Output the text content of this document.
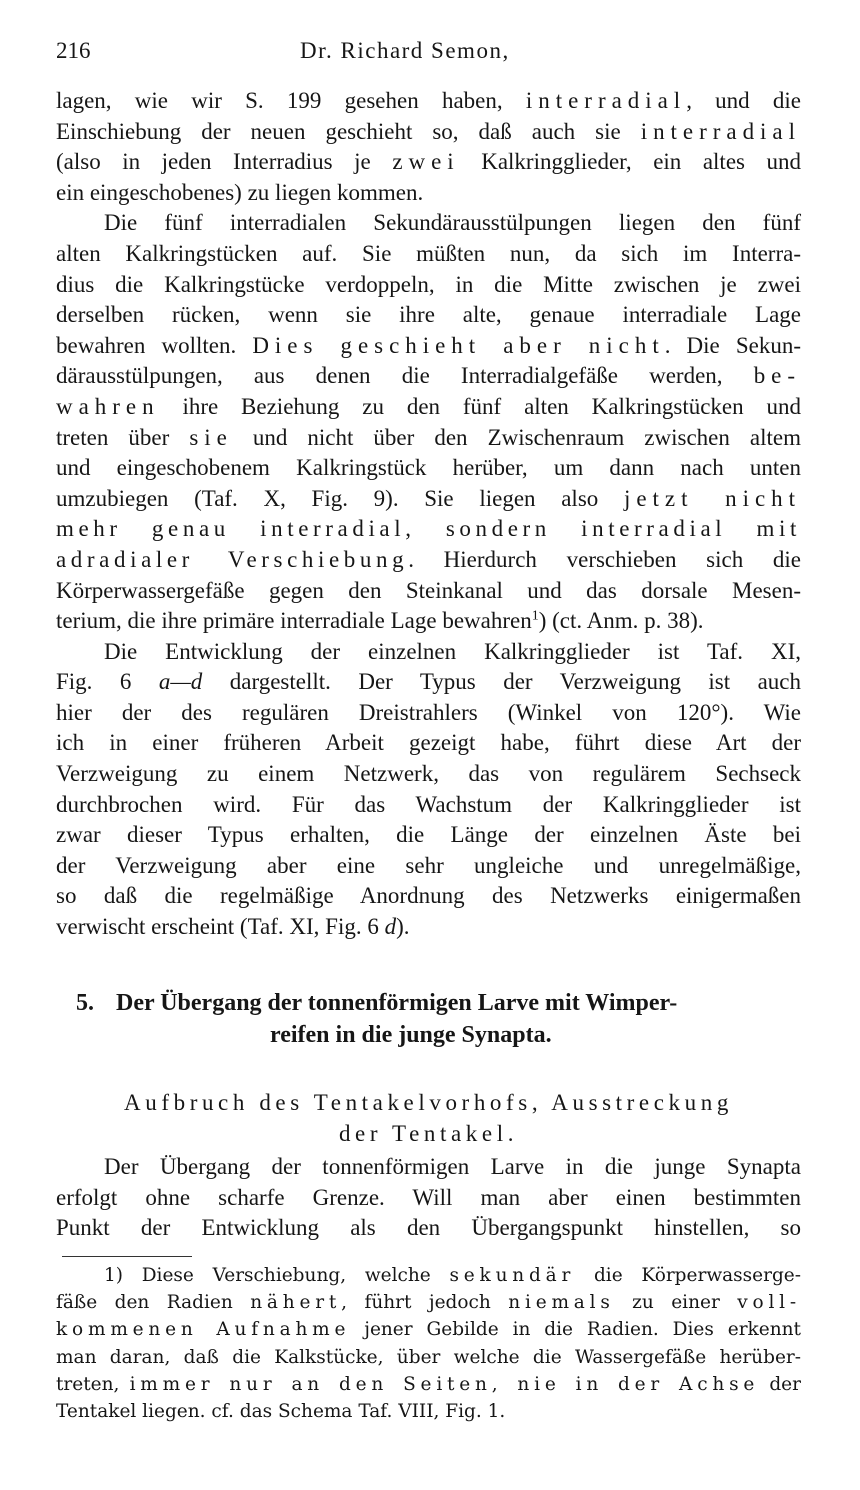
216	Dr. Richard Semon,
lagen, wie wir S. 199 gesehen haben, interradial, und die
Einschiebung der neuen geschieht so, daß auch sie interradial
(also in jeden Interradius je zwei Kalkringglieder, ein altes und
ein eingeschobenes) zu liegen kommen.
Die fünf interradialen Sekundärausstülpungen liegen den fünf
alten Kalkringstücken auf. Sie müßten nun, da sich im Interra-
dius die Kalkringstücke verdoppeln, in die Mitte zwischen je zwei
derselben rücken, wenn sie ihre alte, genaue interradiale Lage
bewahren wollten. Dies geschieht aber nicht. Die Sekun-
därausstülpungen, aus denen die Interradialgefäße werden, be-
wahren ihre Beziehung zu den fünf alten Kalkringstücken und
treten über sie und nicht über den Zwischenraum zwischen altem
und eingeschobenem Kalkringstück herüber, um dann nach unten
umzubiegen (Taf. X, Fig. 9). Sie liegen also jetzt nicht
mehr genau interradial, sondern interradial mit
adradialer Verschiebung. Hierdurch verschieben sich die
Körperwassergefäße gegen den Steinkanal und das dorsale Mesen-
terium, die ihre primäre interradiale Lage bewahren$^1$) (ct. Anm. p. 38).
Die Entwicklung der einzelnen Kalkringglieder ist Taf. XI,
Fig. 6 a—d dargestellt. Der Typus der Verzweigung ist auch
hier der des regulären Dreistrahlers (Winkel von 120°). Wie
ich in einer früheren Arbeit gezeigt habe, führt diese Art der
Verzweigung zu einem Netzwerk, das von regulärem Sechseck
durchbrochen wird. Für das Wachstum der Kalkringglieder ist
zwar dieser Typus erhalten, die Länge der einzelnen Äste bei
der Verzweigung aber eine sehr ungleiche und unregelmäßige,
so daß die regelmäßige Anordnung des Netzwerks einigermaßen
verwischt erscheint (Taf. XI, Fig. 6 d).
5. Der Übergang der tonnenförmigen Larve mit Wimper-
reifen in die junge Synapta.
Aufbruch des Tentakelvorhofs, Ausstreckung
der Tentakel.
Der Übergang der tonnenförmigen Larve in die junge Synapta
erfolgt ohne scharfe Grenze. Will man aber einen bestimmten
Punkt der Entwicklung als den Übergangspunkt hinstellen, so
1) Diese Verschiebung, welche sekundär die Körperwasserge-
fäße den Radien nähert, führt jedoch niemals zu einer voll-
kommenen Aufnahme jener Gebilde in die Radien. Dies erkennt
man daran, daß die Kalkstücke, über welche die Wassergefäße herüber-
treten, immer nur an den Seiten, nie in der Achse der
Tentakel liegen. cf. das Schema Taf. VIII, Fig. 1.
